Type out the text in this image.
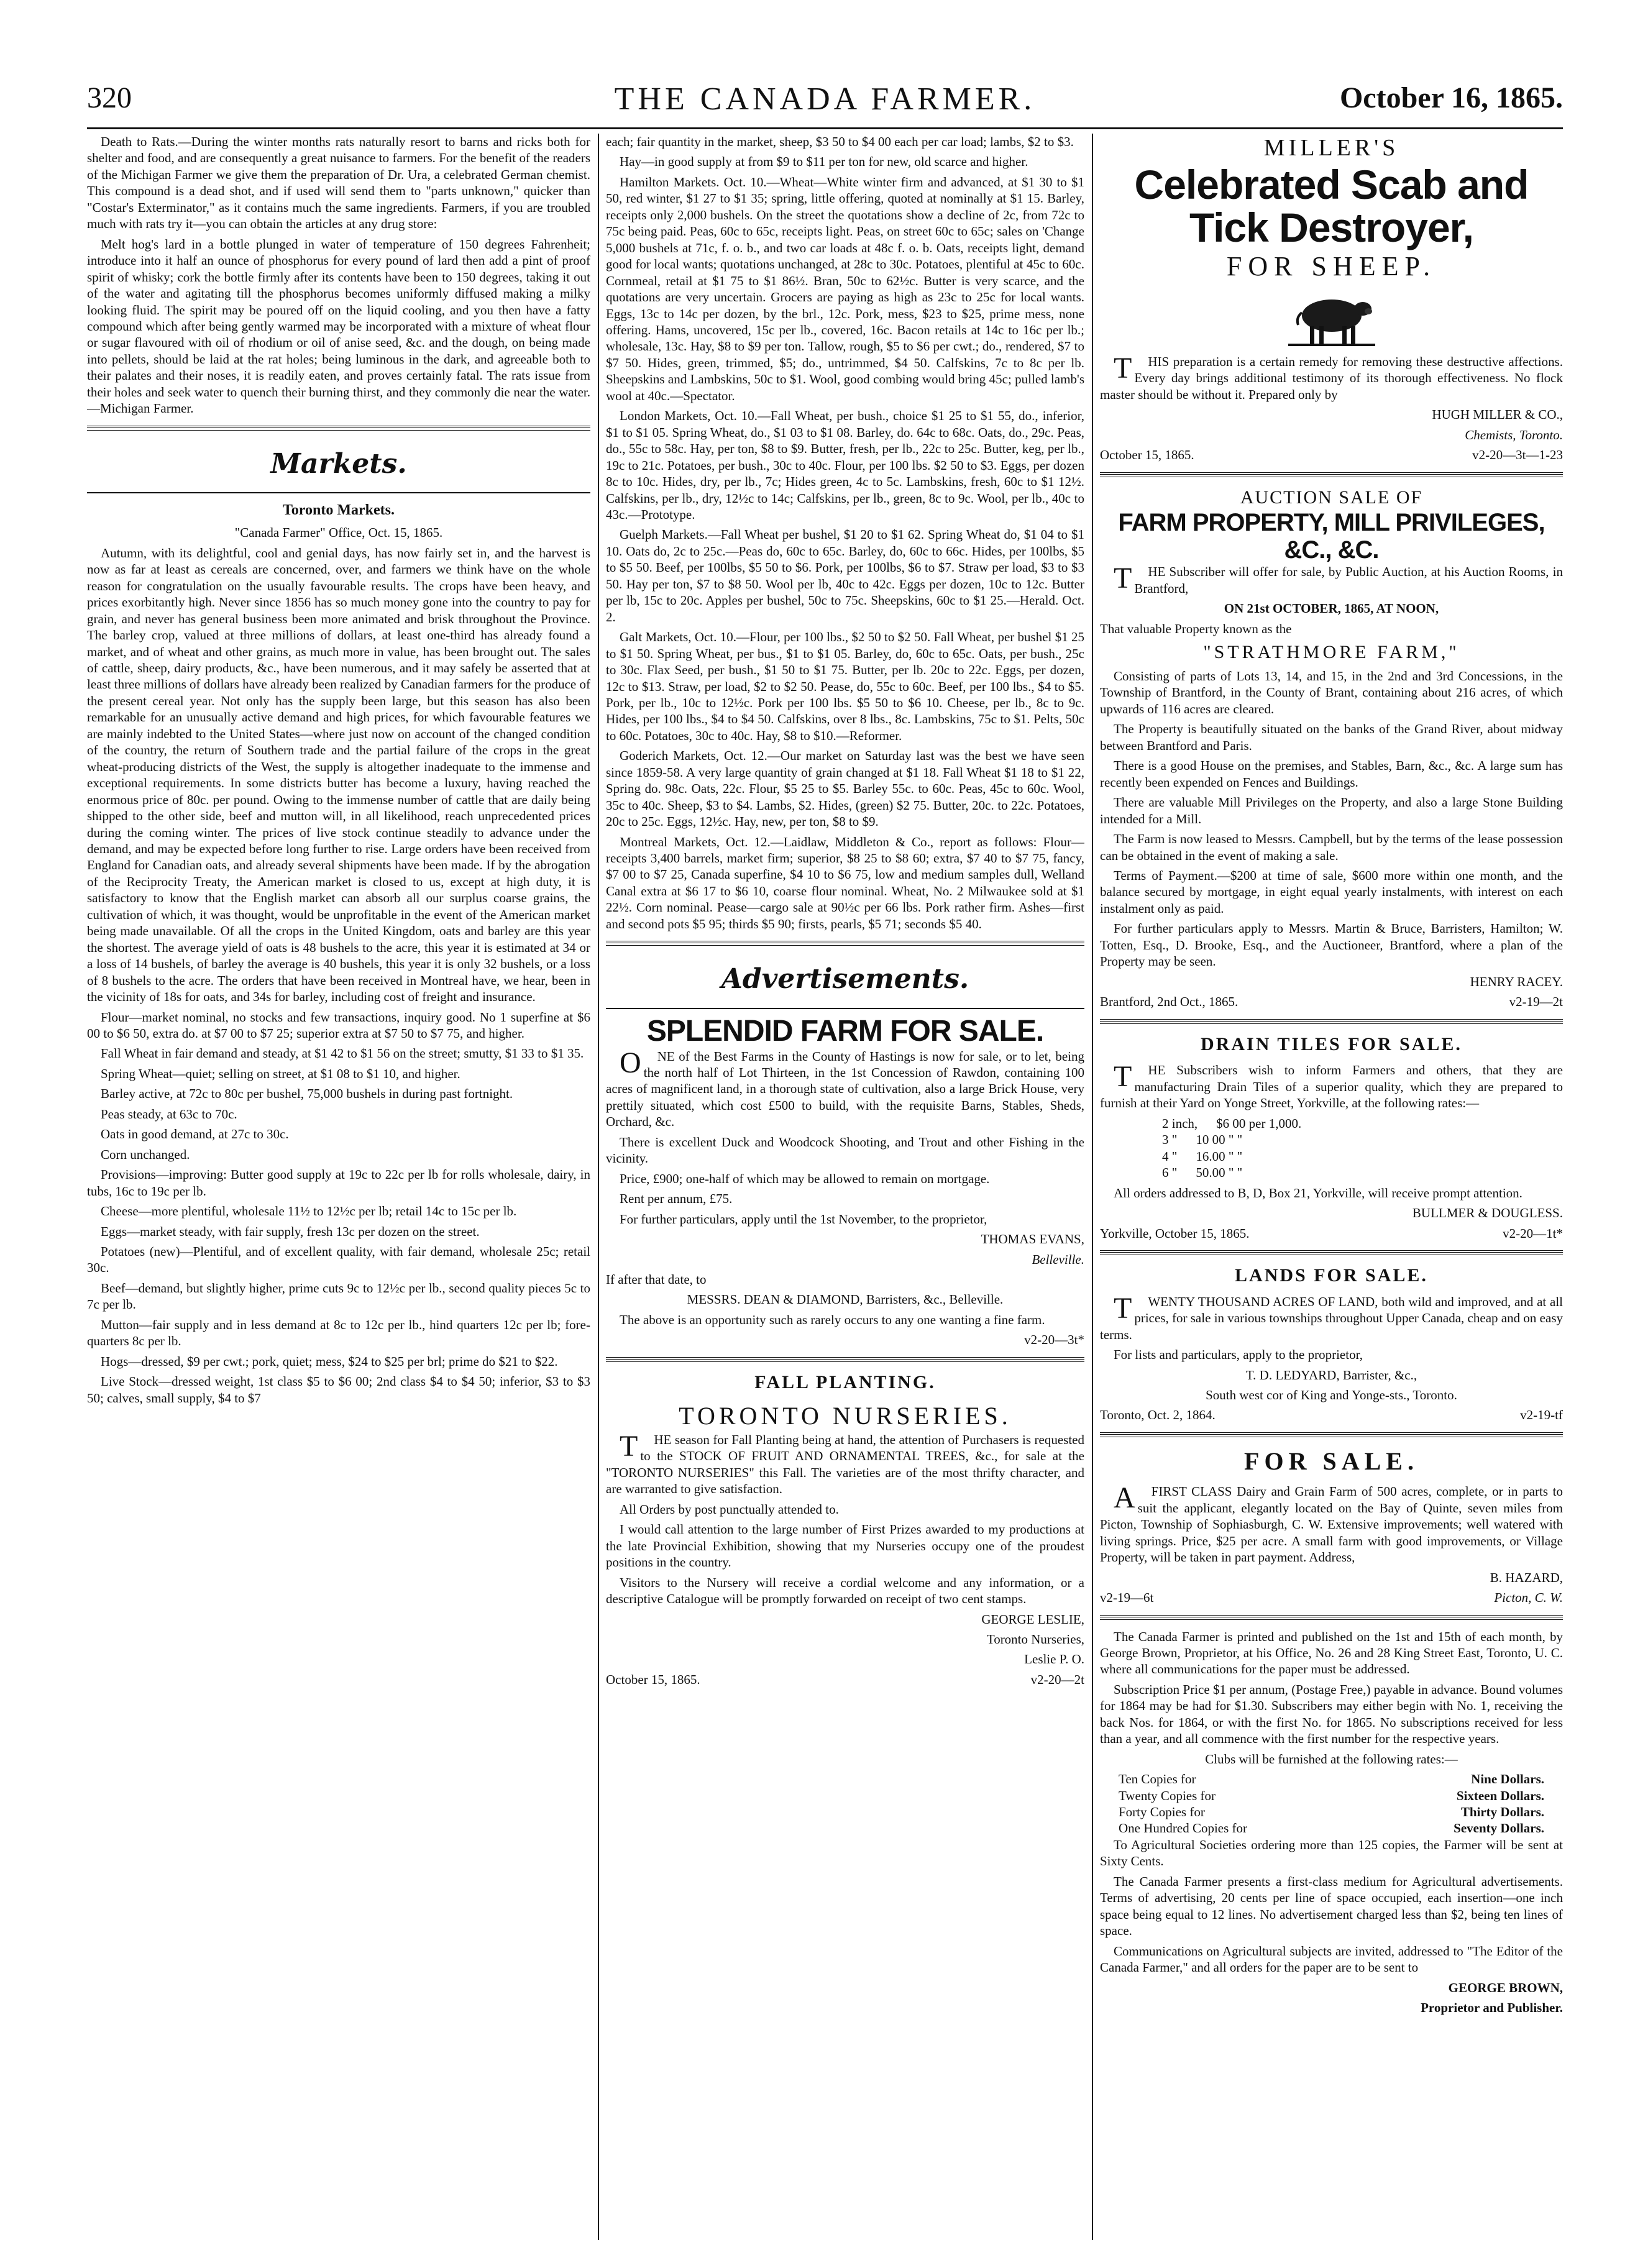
320	THE CANADA FARMER.	October 16, 1865.

Death to Rats.—During the winter months rats naturally resort to barns and ricks both for shelter and food, and are consequently a great nuisance to farmers. For the benefit of the readers of the Michigan Farmer we give them the preparation of Dr. Ura, a celebrated German chemist. This compound is a dead shot, and if used will send them to "parts unknown," quicker than "Costar's Exterminator," as it contains much the same ingredients. Farmers, if you are troubled much with rats try it—you can obtain the articles at any drug store:

Melt hog's lard in a bottle plunged in water of temperature of 150 degrees Fahrenheit; introduce into it half an ounce of phosphorus for every pound of lard then add a pint of proof spirit of whisky; cork the bottle firmly after its contents have been to 150 degrees, taking it out of the water and agitating till the phosphorus becomes uniformly diffused making a milky looking fluid. The spirit may be poured off on the liquid cooling, and you then have a fatty compound which after being gently warmed may be incorporated with a mixture of wheat flour or sugar flavoured with oil of rhodium or oil of anise seed, &c. and the dough, on being made into pellets, should be laid at the rat holes; being luminous in the dark, and agreeable both to their palates and their noses, it is readily eaten, and proves certainly fatal. The rats issue from their holes and seek water to quench their burning thirst, and they commonly die near the water.—Michigan Farmer.

Markets.
Toronto Markets.

"Canada Farmer" Office, Oct. 15, 1865.

Autumn, with its delightful, cool and genial days, has now fairly set in, and the harvest is now as far at least as cereals are concerned, over, and farmers we think have on the whole reason for congratulation on the usually favourable results. The crops have been heavy, and prices exorbitantly high. Never since 1856 has so much money gone into the country to pay for grain, and never has general business been more animated and brisk throughout the Province. The barley crop, valued at three millions of dollars, at least one-third has already found a market, and of wheat and other grains, as much more in value, has been brought out. The sales of cattle, sheep, dairy products, &c., have been numerous, and it may safely be asserted that at least three millions of dollars have already been realized by Canadian farmers for the produce of the present cereal year. Not only has the supply been large, but this season has also been remarkable for an unusually active demand and high prices, for which favourable features we are mainly indebted to the United States—where just now on account of the changed condition of the country, the return of Southern trade and the partial failure of the crops in the great wheat-producing districts of the West, the supply is altogether inadequate to the immense and exceptional requirements. In some districts butter has become a luxury, having reached the enormous price of 80c. per pound. Owing to the immense number of cattle that are daily being shipped to the other side, beef and mutton will, in all likelihood, reach unprecedented prices during the coming winter. The prices of live stock continue steadily to advance under the demand, and may be expected before long further to rise. Large orders have been received from England for Canadian oats, and already several shipments have been made. If by the abrogation of the Reciprocity Treaty, the American market is closed to us, except at high duty, it is satisfactory to know that the English market can absorb all our surplus coarse grains, the cultivation of which, it was thought, would be unprofitable in the event of the American market being made unavailable. Of all the crops in the United Kingdom, oats and barley are this year the shortest. The average yield of oats is 48 bushels to the acre, this year it is estimated at 34 or a loss of 14 bushels, of barley the average is 40 bushels, this year it is only 32 bushels, or a loss of 8 bushels to the acre. The orders that have been received in Montreal have, we hear, been in the vicinity of 18s for oats, and 34s for barley, including cost of freight and insurance.

Flour—market nominal, no stocks and few transactions, inquiry good. No 1 superfine at $6 00 to $6 50, extra do. at $7 00 to $7 25; superior extra at $7 50 to $7 75, and higher.

Fall Wheat in fair demand and steady, at $1 42 to $1 56 on the street; smutty, $1 33 to $1 35.

Spring Wheat—quiet; selling on street, at $1 08 to $1 10, and higher.

Barley active, at 72c to 80c per bushel, 75,000 bushels in during past fortnight.

Peas steady, at 63c to 70c.

Oats in good demand, at 27c to 30c.

Corn unchanged.

Provisions—improving: Butter good supply at 19c to 22c per lb for rolls wholesale, dairy, in tubs, 16c to 19c per lb.

Cheese—more plentiful, wholesale 11½ to 12½c per lb; retail 14c to 15c per lb.

Eggs—market steady, with fair supply, fresh 13c per dozen on the street.

Potatoes (new)—Plentiful, and of excellent quality, with fair demand, wholesale 25c; retail 30c.

Beef—demand, but slightly higher, prime cuts 9c to 12½c per lb., second quality pieces 5c to 7c per lb.

Mutton—fair supply and in less demand at 8c to 12c per lb., hind quarters 12c per lb; fore-quarters 8c per lb.

Hogs—dressed, $9 per cwt.; pork, quiet; mess, $24 to $25 per brl; prime do $21 to $22.

Live Stock—dressed weight, 1st class $5 to $6 00; 2nd class $4 to $4 50; inferior, $3 to $3 50; calves, small supply, $4 to $7

each; fair quantity in the market, sheep, $3 50 to $4 00 each per car load; lambs, $2 to $3.

Hay—in good supply at from $9 to $11 per ton for new, old scarce and higher.

Hamilton Markets. Oct. 10.—Wheat—White winter firm and advanced, at $1 30 to $1 50, red winter, $1 27 to $1 35; spring, little offering, quoted at nominally at $1 15. Barley, receipts only 2,000 bushels. On the street the quotations show a decline of 2c, from 72c to 75c being paid. Peas, 60c to 65c, receipts light. Peas, on street 60c to 65c; sales on 'Change 5,000 bushels at 71c, f. o. b., and two car loads at 48c f. o. b. Oats, receipts light, demand good for local wants; quotations unchanged, at 28c to 30c. Potatoes, plentiful at 45c to 60c. Cornmeal, retail at $1 75 to $1 86½. Bran, 50c to 62½c. Butter is very scarce, and the quotations are very uncertain. Grocers are paying as high as 23c to 25c for local wants. Eggs, 13c to 14c per dozen, by the brl., 12c. Pork, mess, $23 to $25, prime mess, none offering. Hams, uncovered, 15c per lb., covered, 16c. Bacon retails at 14c to 16c per lb.; wholesale, 13c. Hay, $8 to $9 per ton. Tallow, rough, $5 to $6 per cwt.; do., rendered, $7 to $7 50. Hides, green, trimmed, $5; do., untrimmed, $4 50. Calfskins, 7c to 8c per lb. Sheepskins and Lambskins, 50c to $1. Wool, good combing would bring 45c; pulled lamb's wool at 40c.—Spectator.

London Markets, Oct. 10.—Fall Wheat, per bush., choice $1 25 to $1 55, do., inferior, $1 to $1 05. Spring Wheat, do., $1 03 to $1 08. Barley, do. 64c to 68c. Oats, do., 29c. Peas, do., 55c to 58c. Hay, per ton, $8 to $9. Butter, fresh, per lb., 22c to 25c. Butter, keg, per lb., 19c to 21c. Potatoes, per bush., 30c to 40c. Flour, per 100 lbs. $2 50 to $3. Eggs, per dozen 8c to 10c. Hides, dry, per lb., 7c; Hides green, 4c to 5c. Lambskins, fresh, 60c to $1 12½. Calfskins, per lb., dry, 12½c to 14c; Calfskins, per lb., green, 8c to 9c. Wool, per lb., 40c to 43c.—Prototype.

Guelph Markets.—Fall Wheat per bushel, $1 20 to $1 62. Spring Wheat do, $1 04 to $1 10. Oats do, 2c to 25c.—Peas do, 60c to 65c. Barley, do, 60c to 66c. Hides, per 100lbs, $5 to $5 50. Beef, per 100lbs, $5 50 to $6. Pork, per 100lbs, $6 to $7. Straw per load, $3 to $3 50. Hay per ton, $7 to $8 50. Wool per lb, 40c to 42c. Eggs per dozen, 10c to 12c. Butter per lb, 15c to 20c. Apples per bushel, 50c to 75c. Sheepskins, 60c to $1 25.—Herald. Oct. 2.

Galt Markets, Oct. 10.—Flour, per 100 lbs., $2 50 to $2 50. Fall Wheat, per bushel $1 25 to $1 50. Spring Wheat, per bus., $1 to $1 05. Barley, do, 60c to 65c. Oats, per bush., 25c to 30c. Flax Seed, per bush., $1 50 to $1 75. Butter, per lb. 20c to 22c. Eggs, per dozen, 12c to $13. Straw, per load, $2 to $2 50. Pease, do, 55c to 60c. Beef, per 100 lbs., $4 to $5. Pork, per lb., 10c to 12½c. Pork per 100 lbs. $5 50 to $6 10. Cheese, per lb., 8c to 9c. Hides, per 100 lbs., $4 to $4 50. Calfskins, over 8 lbs., 8c. Lambskins, 75c to $1. Pelts, 50c to 60c. Potatoes, 30c to 40c. Hay, $8 to $10.—Reformer.

Goderich Markets, Oct. 12.—Our market on Saturday last was the best we have seen since 1859-58. A very large quantity of grain changed at $1 18. Fall Wheat $1 18 to $1 22, Spring do. 98c. Oats, 22c. Flour, $5 25 to $5. Barley 55c. to 60c. Peas, 45c to 60c. Wool, 35c to 40c. Sheep, $3 to $4. Lambs, $2. Hides, (green) $2 75. Butter, 20c. to 22c. Potatoes, 20c to 25c. Eggs, 12½c. Hay, new, per ton, $8 to $9.

Montreal Markets, Oct. 12.—Laidlaw, Middleton & Co., report as follows: Flour—receipts 3,400 barrels, market firm; superior, $8 25 to $8 60; extra, $7 40 to $7 75, fancy, $7 00 to $7 25, Canada superfine, $4 10 to $6 75, low and medium samples dull, Welland Canal extra at $6 17 to $6 10, coarse flour nominal. Wheat, No. 2 Milwaukee sold at $1 22½. Corn nominal. Pease—cargo sale at 90½c per 66 lbs. Pork rather firm. Ashes—first and second pots $5 95; thirds $5 90; firsts, pearls, $5 71; seconds $5 40.

Advertisements.
SPLENDID FARM FOR SALE.

ONE of the Best Farms in the County of Hastings is now for sale, or to let, being the north half of Lot Thirteen, in the 1st Concession of Rawdon, containing 100 acres of magnificent land, in a thorough state of cultivation, also a large Brick House, very prettily situated, which cost £500 to build, with the requisite Barns, Stables, Sheds, Orchard, &c.

There is excellent Duck and Woodcock Shooting, and Trout and other Fishing in the vicinity.

Price, £900; one-half of which may be allowed to remain on mortgage.

Rent per annum, £75.

For further particulars, apply until the 1st November, to the proprietor,

THOMAS EVANS,

Belleville.

If after that date, to

MESSRS. DEAN & DIAMOND, Barristers, &c., Belleville.

The above is an opportunity such as rarely occurs to any one wanting a fine farm.

v2-20—3t*

FALL PLANTING.
TORONTO NURSERIES.

THE season for Fall Planting being at hand, the attention of Purchasers is requested to the STOCK OF FRUIT AND ORNAMENTAL TREES, &c., for sale at the "TORONTO NURSERIES" this Fall. The varieties are of the most thrifty character, and are warranted to give satisfaction.

All Orders by post punctually attended to.

I would call attention to the large number of First Prizes awarded to my productions at the late Provincial Exhibition, showing that my Nurseries occupy one of the proudest positions in the country.

Visitors to the Nursery will receive a cordial welcome and any information, or a descriptive Catalogue will be promptly forwarded on receipt of two cent stamps.

GEORGE LESLIE,

Toronto Nurseries,

Leslie P. O.

October 15, 1865.	v2-20—2t
MILLER'S
Celebrated Scab and Tick Destroyer,
FOR SHEEP.

THIS preparation is a certain remedy for removing these destructive affections. Every day brings additional testimony of its thorough effectiveness. No flock master should be without it. Prepared only by

HUGH MILLER & CO.,

Chemists, Toronto.

October 15, 1865.	v2-20—3t—1-23
AUCTION SALE OF
FARM PROPERTY, MILL PRIVILEGES, &C., &C.

THE Subscriber will offer for sale, by Public Auction, at his Auction Rooms, in Brantford,

ON 21st OCTOBER, 1865, AT NOON,

That valuable Property known as the

"STRATHMORE FARM,"

Consisting of parts of Lots 13, 14, and 15, in the 2nd and 3rd Concessions, in the Township of Brantford, in the County of Brant, containing about 216 acres, of which upwards of 116 acres are cleared.

The Property is beautifully situated on the banks of the Grand River, about midway between Brantford and Paris.

There is a good House on the premises, and Stables, Barn, &c., &c. A large sum has recently been expended on Fences and Buildings.

There are valuable Mill Privileges on the Property, and also a large Stone Building intended for a Mill.

The Farm is now leased to Messrs. Campbell, but by the terms of the lease possession can be obtained in the event of making a sale.

Terms of Payment.—$200 at time of sale, $600 more within one month, and the balance secured by mortgage, in eight equal yearly instalments, with interest on each instalment only as paid.

For further particulars apply to Messrs. Martin & Bruce, Barristers, Hamilton; W. Totten, Esq., D. Brooke, Esq., and the Auctioneer, Brantford, where a plan of the Property may be seen.

HENRY RACEY.

Brantford, 2nd Oct., 1865.	v2-19—2t
DRAIN TILES FOR SALE.

THE Subscribers wish to inform Farmers and others, that they are manufacturing Drain Tiles of a superior quality, which they are prepared to furnish at their Yard on Yonge Street, Yorkville, at the following rates:—

2 inch, $6 00 per 1,000.
3 " 10 00 " "
4 " 16.00 " "
6 " 50.00 " "

All orders addressed to B, D, Box 21, Yorkville, will receive prompt attention.

BULLMER & DOUGLESS.

Yorkville, October 15, 1865.	v2-20—1t*
LANDS FOR SALE.

TWENTY THOUSAND ACRES OF LAND, both wild and improved, and at all prices, for sale in various townships throughout Upper Canada, cheap and on easy terms.

For lists and particulars, apply to the proprietor,

T. D. LEDYARD, Barrister, &c.,

South west cor of King and Yonge-sts., Toronto.

Toronto, Oct. 2, 1864.	v2-19-tf
FOR SALE.

AFIRST CLASS Dairy and Grain Farm of 500 acres, complete, or in parts to suit the applicant, elegantly located on the Bay of Quinte, seven miles from Picton, Township of Sophiasburgh, C. W. Extensive improvements; well watered with living springs. Price, $25 per acre. A small farm with good improvements, or Village Property, will be taken in part payment. Address,

B. HAZARD,

v2-19—6t	Picton, C. W.

The Canada Farmer is printed and published on the 1st and 15th of each month, by George Brown, Proprietor, at his Office, No. 26 and 28 King Street East, Toronto, U. C. where all communications for the paper must be addressed.

Subscription Price $1 per annum, (Postage Free,) payable in advance. Bound volumes for 1864 may be had for $1.30. Subscribers may either begin with No. 1, receiving the back Nos. for 1864, or with the first No. for 1865. No subscriptions received for less than a year, and all commence with the first number for the respective years.

Clubs will be furnished at the following rates:—

Ten Copies for	Nine Dollars.
Twenty Copies for	Sixteen Dollars.
Forty Copies for	Thirty Dollars.
One Hundred Copies for	Seventy Dollars.

To Agricultural Societies ordering more than 125 copies, the Farmer will be sent at Sixty Cents.

The Canada Farmer presents a first-class medium for Agricultural advertisements. Terms of advertising, 20 cents per line of space occupied, each insertion—one inch space being equal to 12 lines. No advertisement charged less than $2, being ten lines of space.

Communications on Agricultural subjects are invited, addressed to "The Editor of the Canada Farmer," and all orders for the paper are to be sent to

GEORGE BROWN,

Proprietor and Publisher.
